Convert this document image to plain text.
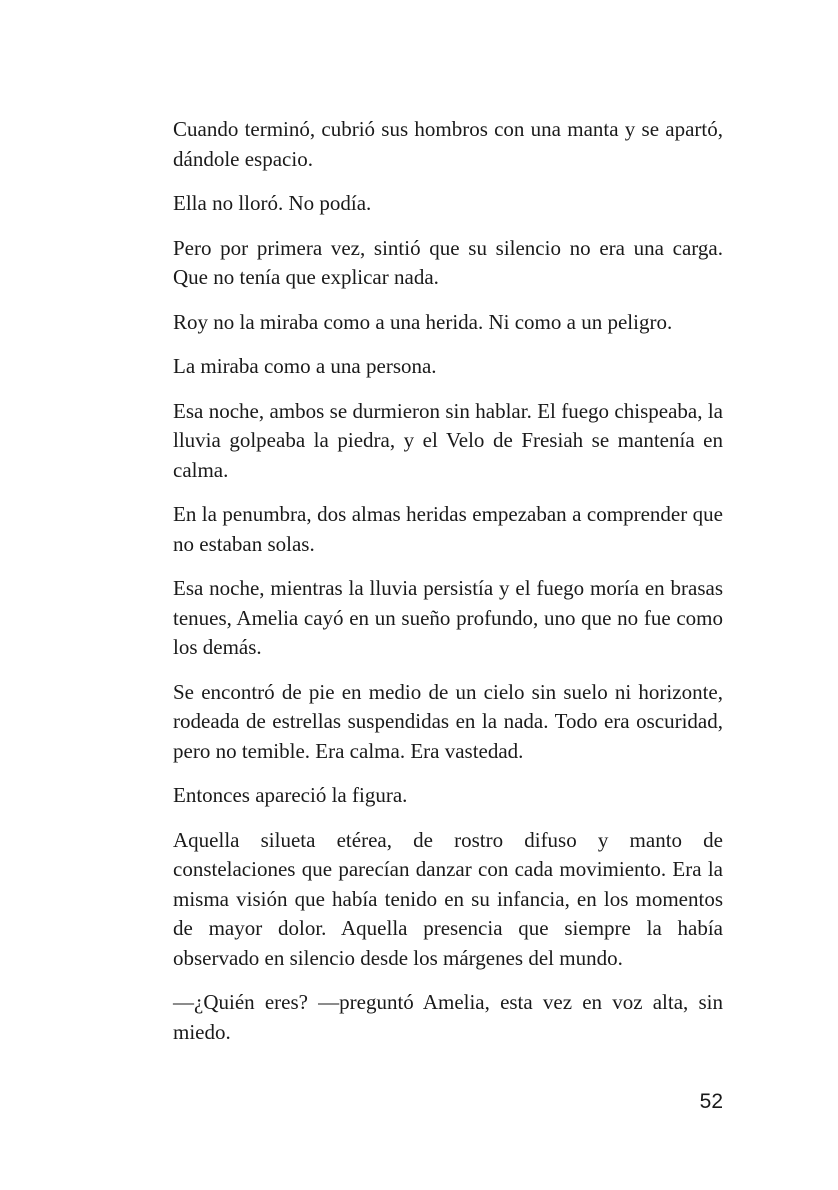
Cuando terminó, cubrió sus hombros con una manta y se apartó, dándole espacio.

Ella no lloró. No podía.

Pero por primera vez, sintió que su silencio no era una carga. Que no tenía que explicar nada.

Roy no la miraba como a una herida. Ni como a un peligro.

La miraba como a una persona.

Esa noche, ambos se durmieron sin hablar. El fuego chispeaba, la lluvia golpeaba la piedra, y el Velo de Fresiah se mantenía en calma.

En la penumbra, dos almas heridas empezaban a comprender que no estaban solas.

Esa noche, mientras la lluvia persistía y el fuego moría en brasas tenues, Amelia cayó en un sueño profundo, uno que no fue como los demás.

Se encontró de pie en medio de un cielo sin suelo ni horizonte, rodeada de estrellas suspendidas en la nada. Todo era oscuridad, pero no temible. Era calma. Era vastedad.

Entonces apareció la figura.

Aquella silueta etérea, de rostro difuso y manto de constelaciones que parecían danzar con cada movimiento. Era la misma visión que había tenido en su infancia, en los momentos de mayor dolor. Aquella presencia que siempre la había observado en silencio desde los márgenes del mundo.

—¿Quién eres? —preguntó Amelia, esta vez en voz alta, sin miedo.

52
